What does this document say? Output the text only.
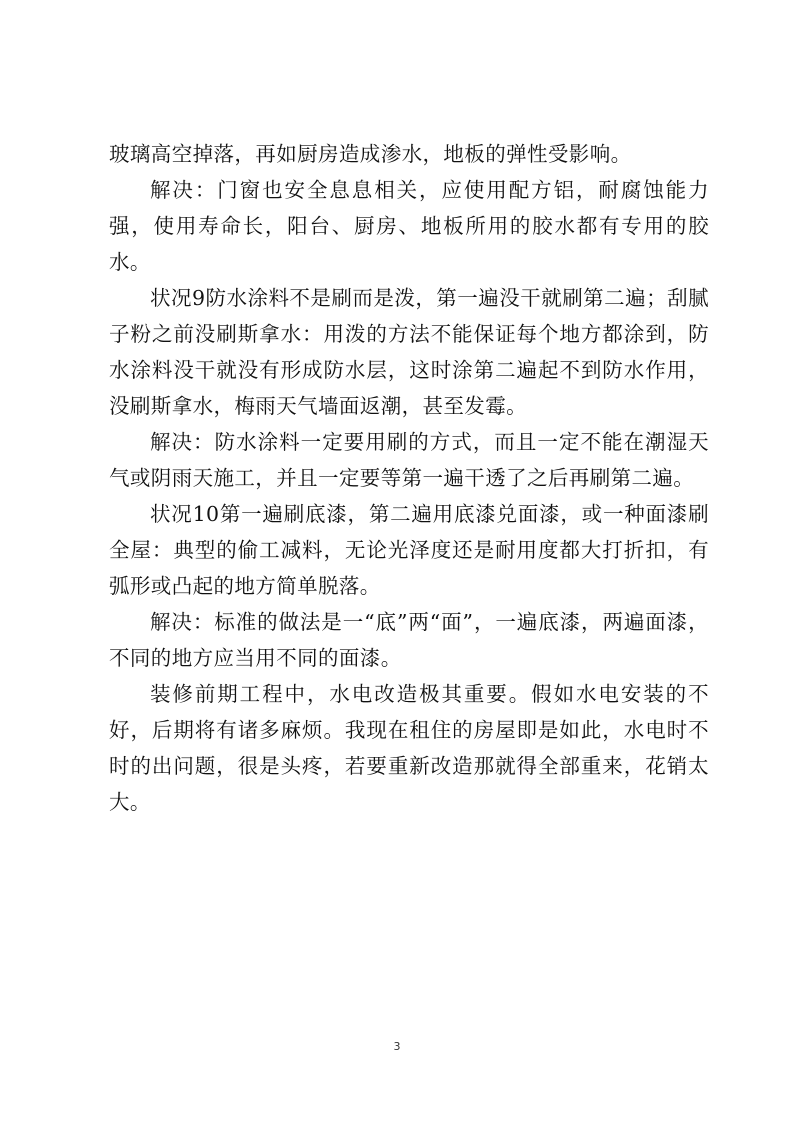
玻璃高空掉落，再如厨房造成渗水，地板的弹性受影响。

解决：门窗也安全息息相关，应使用配方铝，耐腐蚀能力强，使用寿命长，阳台、厨房、地板所用的胶水都有专用的胶水。

状况9防水涂料不是刷而是泼，第一遍没干就刷第二遍；刮腻子粉之前没刷斯拿水：用泼的方法不能保证每个地方都涂到，防水涂料没干就没有形成防水层，这时涂第二遍起不到防水作用，没刷斯拿水，梅雨天气墙面返潮，甚至发霉。

解决：防水涂料一定要用刷的方式，而且一定不能在潮湿天气或阴雨天施工，并且一定要等第一遍干透了之后再刷第二遍。

状况10第一遍刷底漆，第二遍用底漆兑面漆，或一种面漆刷全屋：典型的偷工减料，无论光泽度还是耐用度都大打折扣，有弧形或凸起的地方简单脱落。

解决：标准的做法是一“底”两“面”，一遍底漆，两遍面漆，不同的地方应当用不同的面漆。

装修前期工程中，水电改造极其重要。假如水电安装的不好，后期将有诸多麻烦。我现在租住的房屋即是如此，水电时不时的出问题，很是头疼，若要重新改造那就得全部重来，花销太大。

3
